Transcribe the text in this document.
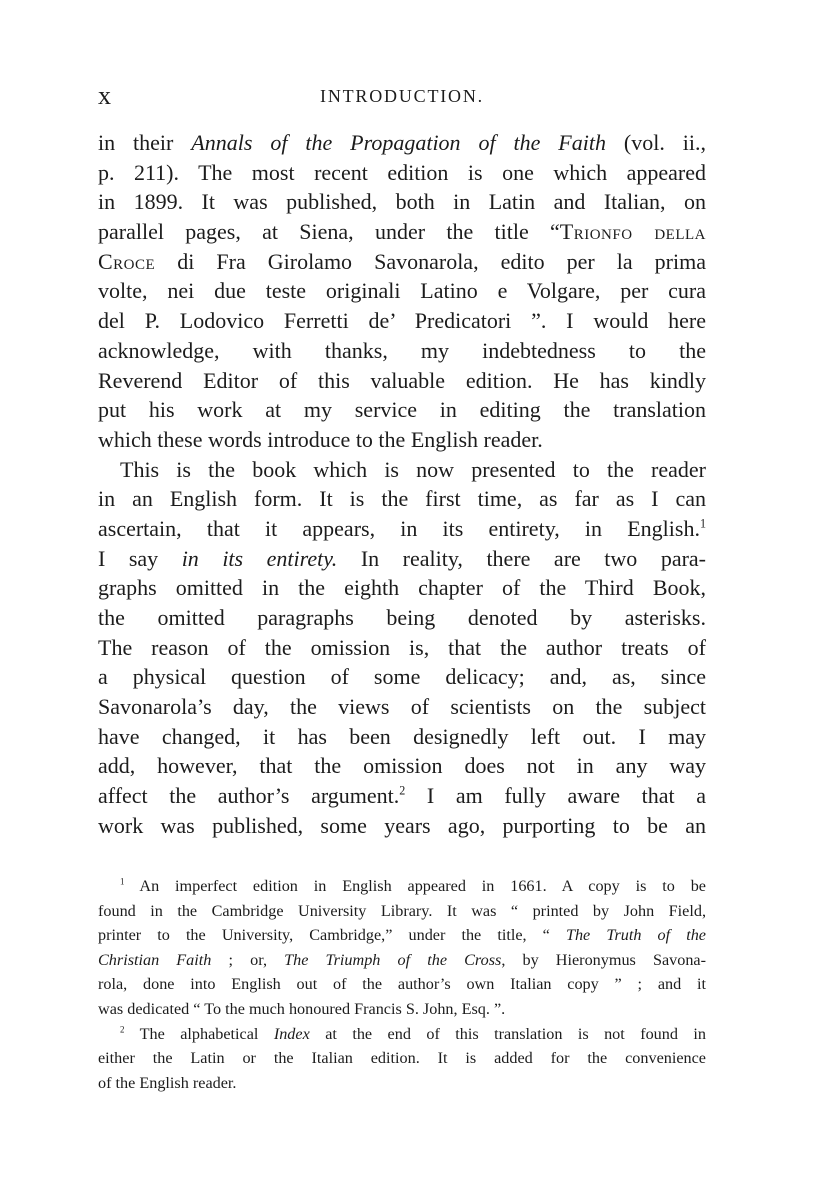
x	INTRODUCTION.
in their Annals of the Propagation of the Faith (vol. ii.,
p. 211). The most recent edition is one which appeared
in 1899. It was published, both in Latin and Italian, on
parallel pages, at Siena, under the title “Trionfo della
Croce di Fra Girolamo Savonarola, edito per la prima
volte, nei due teste originali Latino e Volgare, per cura
del P. Lodovico Ferretti de’ Predicatori ”. I would here
acknowledge, with thanks, my indebtedness to the
Reverend Editor of this valuable edition. He has kindly
put his work at my service in editing the translation
which these words introduce to the English reader.
This is the book which is now presented to the reader
in an English form. It is the first time, as far as I can
ascertain, that it appears, in its entirety, in English.$^1$
I say in its entirety. In reality, there are two para-
graphs omitted in the eighth chapter of the Third Book,
the omitted paragraphs being denoted by asterisks.
The reason of the omission is, that the author treats of
a physical question of some delicacy; and, as, since
Savonarola’s day, the views of scientists on the subject
have changed, it has been designedly left out. I may
add, however, that the omission does not in any way
affect the author’s argument.$^2$ I am fully aware that a
work was published, some years ago, purporting to be an
$^1$ An imperfect edition in English appeared in 1661. A copy is to be
found in the Cambridge University Library. It was “ printed by John Field,
printer to the University, Cambridge,” under the title, “ The Truth of the
Christian Faith ; or, The Triumph of the Cross, by Hieronymus Savona-
rola, done into English out of the author’s own Italian copy ” ; and it
was dedicated “ To the much honoured Francis S. John, Esq. ”.
$^2$ The alphabetical Index at the end of this translation is not found in
either the Latin or the Italian edition. It is added for the convenience
of the English reader.
